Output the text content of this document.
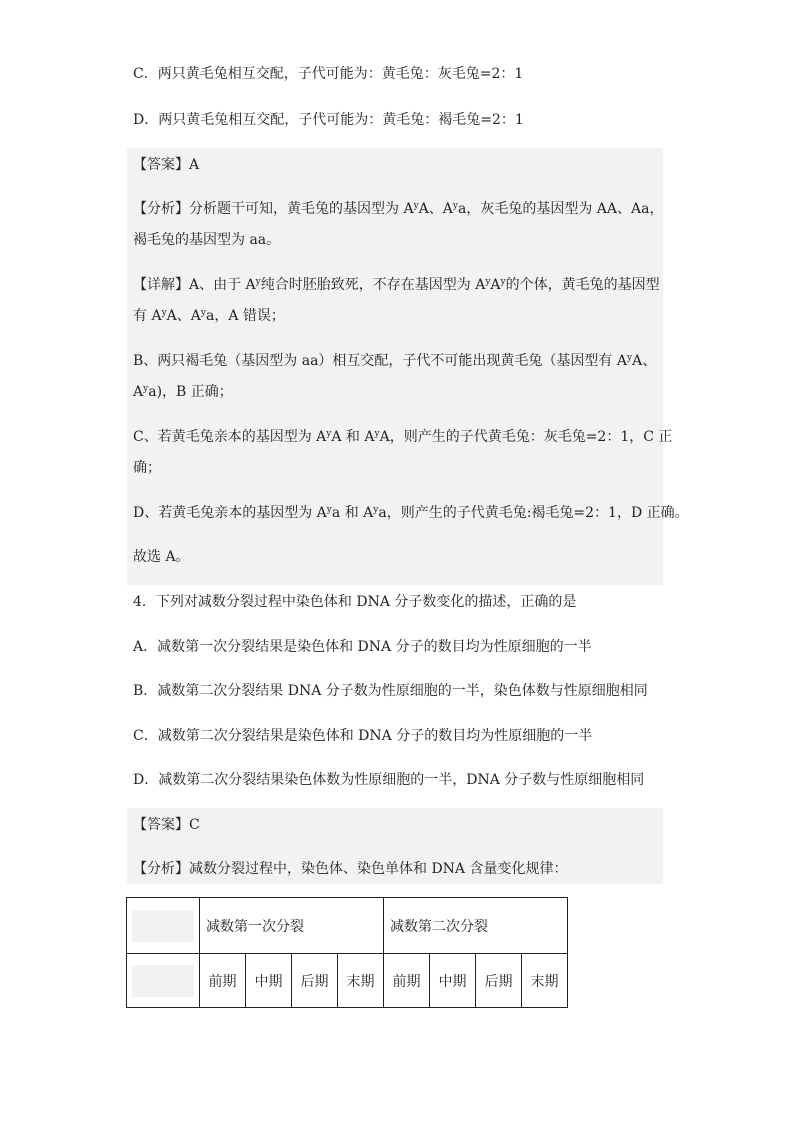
C．两只黄毛兔相互交配，子代可能为：黄毛兔：灰毛兔=2：1
D．两只黄毛兔相互交配，子代可能为：黄毛兔：褐毛兔=2：1
【答案】A
【分析】分析题干可知，黄毛兔的基因型为 $A^yA$、$A^ya$，灰毛兔的基因型为 AA、Aa，
褐毛兔的基因型为 aa。
【详解】A、由于 $A^y$纯合时胚胎致死，不存在基因型为 $A^yA^y$的个体，黄毛兔的基因型
有 $A^yA$、$A^ya$，A 错误；
B、两只褐毛兔（基因型为 aa）相互交配，子代不可能出现黄毛兔（基因型有 $A^yA$、
$A^ya$)，B 正确；
C、若黄毛兔亲本的基因型为 $A^yA$ 和 $A^yA$，则产生的子代黄毛兔：灰毛兔=2：1，C 正
确；
D、若黄毛兔亲本的基因型为 $A^ya$ 和 $A^ya$，则产生的子代黄毛兔:褐毛兔=2：1，D 正确。
故选 A。
4．下列对减数分裂过程中染色体和 DNA 分子数变化的描述，正确的是
A．减数第一次分裂结果是染色体和 DNA 分子的数目均为性原细胞的一半
B．减数第二次分裂结果 DNA 分子数为性原细胞的一半，染色体数与性原细胞相同
C．减数第二次分裂结果是染色体和 DNA 分子的数目均为性原细胞的一半
D．减数第二次分裂结果染色体数为性原细胞的一半，DNA 分子数与性原细胞相同
【答案】C
【分析】减数分裂过程中，染色体、染色单体和 DNA 含量变化规律：
	减数第一次分裂				减数第二次分裂			

	前期	中期	后期	末期	前期	中期	后期	末期
